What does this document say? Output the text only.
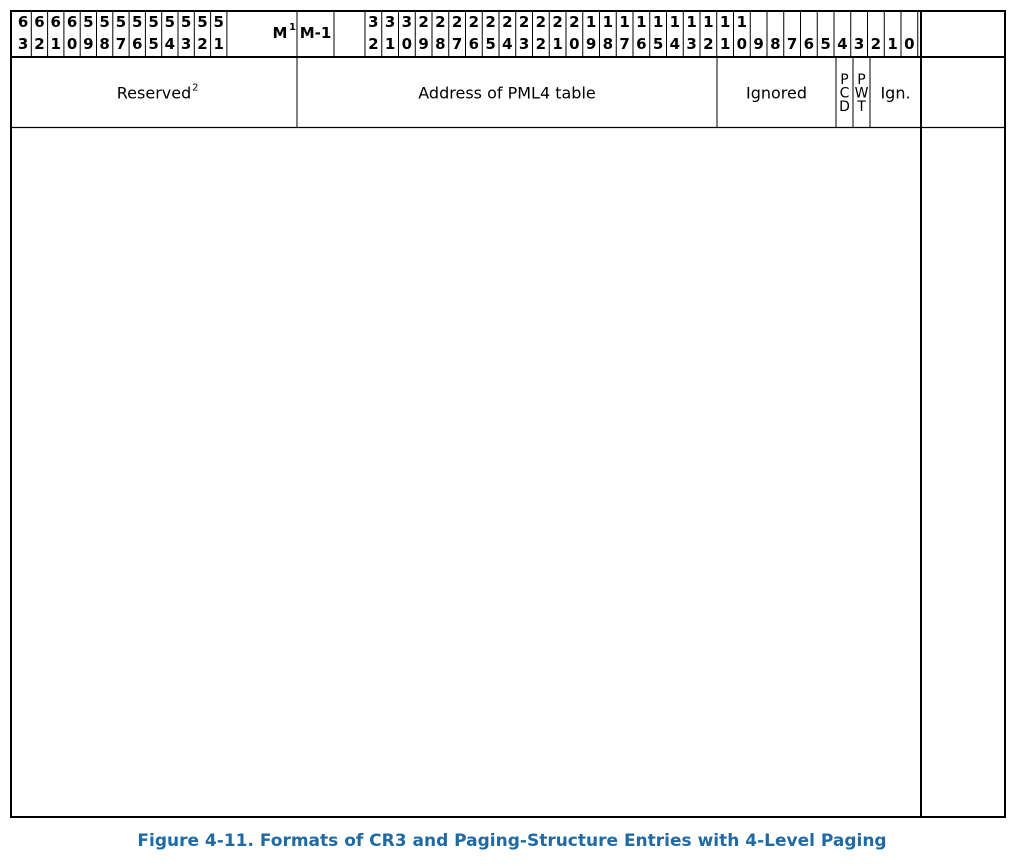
6
3
6
2
6
1
6
0
5
9
5
8
5
7
5
6
5
5
5
4
5
3
5
2
5
1
3
2
3
1
3
0
2
9
2
8
2
7
2
6
2
5
2
4
2
3
2
2
2
1
2
0
1
9
1
8
1
7
1
6
1
5
1
4
1
3
1
2
1
1
1
0 9 8 7 6 5 4 3 2 1 0
M 1 M-1
Reserved 2	Address of PML4 table	Ignored
P
C
D
P
W
T
Ign.
Figure 4-11. Formats of CR3 and Paging-Structure Entries with 4-Level Paging
